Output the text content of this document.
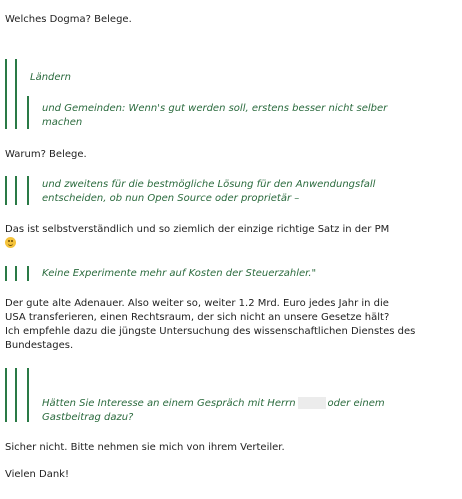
Welches Dogma? Belege.

Ländern

und Gemeinden: Wenn's gut werden soll, erstens besser nicht selber

machen

Warum? Belege.

und zweitens für die bestmögliche Lösung für den Anwendungsfall

entscheiden, ob nun Open Source oder proprietär –

Das ist selbstverständlich und so ziemlich der einzige richtige Satz in der PM

Keine Experimente mehr auf Kosten der Steuerzahler."

Der gute alte Adenauer. Also weiter so, weiter 1.2 Mrd. Euro jedes Jahr in die

USA transferieren, einen Rechtsraum, der sich nicht an unsere Gesetze hält?

Ich empfehle dazu die jüngste Untersuchung des wissenschaftlichen Dienstes des

Bundestages.

Hätten Sie Interesse an einem Gespräch mit Herrn	oder einem

Gastbeitrag dazu?

Sicher nicht. Bitte nehmen sie mich von ihrem Verteiler.

Vielen Dank!
